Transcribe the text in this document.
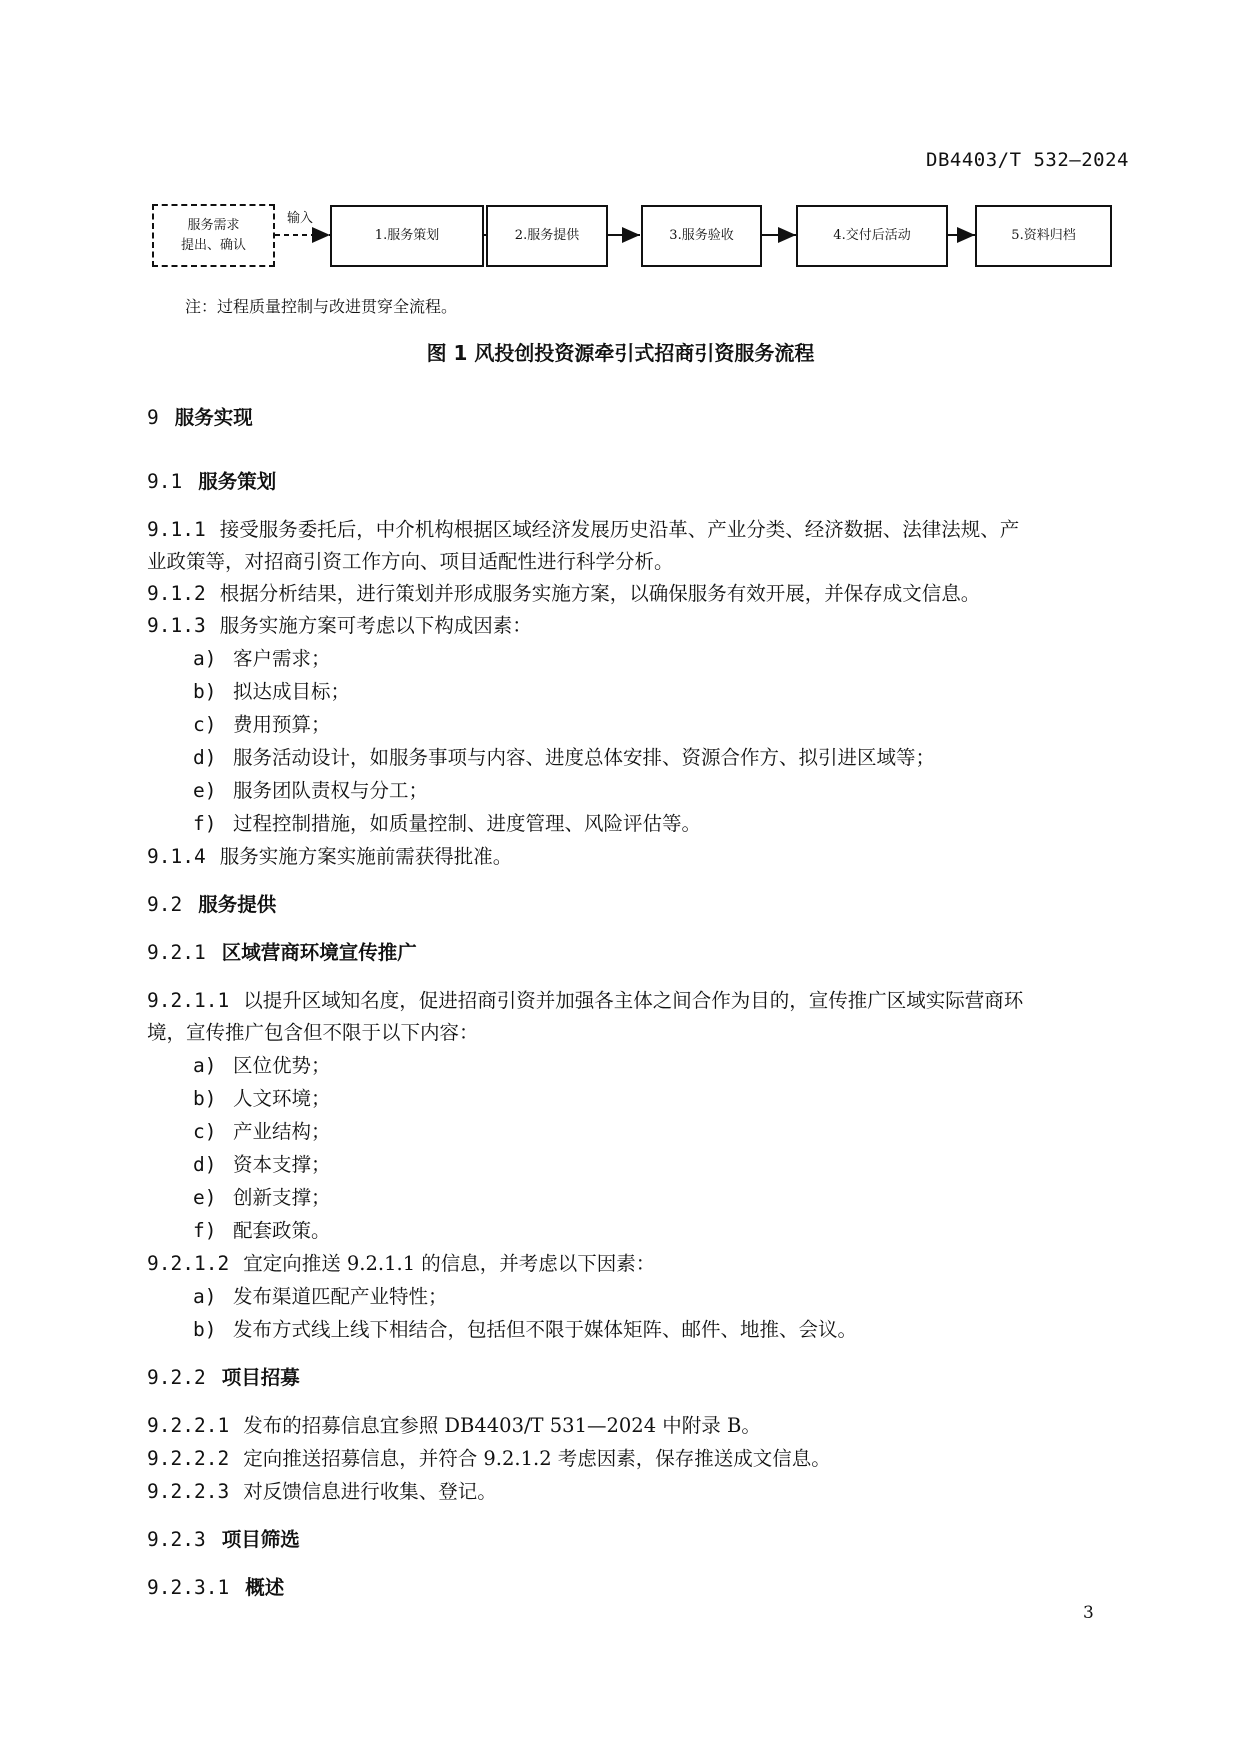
DB4403/T 532—2024
服务需求
提出、确认
输入
1.服务策划	2.服务提供	3.服务验收	4.交付后活动	5.资料归档
注：过程质量控制与改进贯穿全流程。
图 1 风投创投资源牵引式招商引资服务流程
9 服务实现
9.1 服务策划
9.1.1 接受服务委托后，中介机构根据区域经济发展历史沿革、产业分类、经济数据、法律法规、产
业政策等，对招商引资工作方向、项目适配性进行科学分析。
9.1.2 根据分析结果，进行策划并形成服务实施方案，以确保服务有效开展，并保存成文信息。
9.1.3 服务实施方案可考虑以下构成因素：
a) 客户需求；
b) 拟达成目标；
c) 费用预算；
d) 服务活动设计，如服务事项与内容、进度总体安排、资源合作方、拟引进区域等；
e) 服务团队责权与分工；
f) 过程控制措施，如质量控制、进度管理、风险评估等。
9.1.4 服务实施方案实施前需获得批准。
9.2 服务提供
9.2.1 区域营商环境宣传推广
9.2.1.1 以提升区域知名度，促进招商引资并加强各主体之间合作为目的，宣传推广区域实际营商环
境，宣传推广包含但不限于以下内容：
a) 区位优势；
b) 人文环境；
c) 产业结构；
d) 资本支撑；
e) 创新支撑；
f) 配套政策。
9.2.1.2 宜定向推送 9.2.1.1 的信息，并考虑以下因素：
a) 发布渠道匹配产业特性；
b) 发布方式线上线下相结合，包括但不限于媒体矩阵、邮件、地推、会议。
9.2.2 项目招募
9.2.2.1 发布的招募信息宜参照 DB4403/T 531—2024 中附录 B。
9.2.2.2 定向推送招募信息，并符合 9.2.1.2 考虑因素，保存推送成文信息。
9.2.2.3 对反馈信息进行收集、登记。
9.2.3 项目筛选
9.2.3.1 概述
3
